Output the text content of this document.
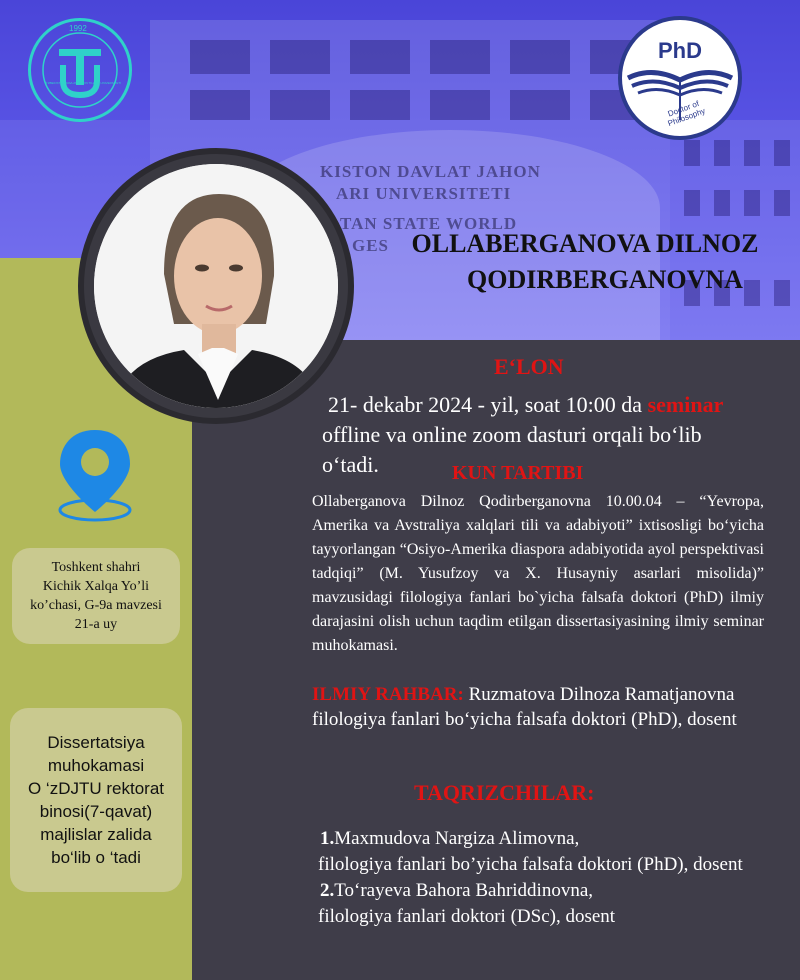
KISTON DAVLAT JAHON
ARI UNIVERSITETI
TAN STATE WORLD
GES
1992
O'ZBEKISTON DAVLAT JAHON TILLARI UNIVERSITETI
PhD
Doctor of Philosophy
OLLABERGANOVA DILNOZ
QODIRBERGANOVNA
Toshkent shahri
Kichik Xalqa Yo’li
ko’chasi, G-9a mavzesi
21-a uy
Dissertatsiya
muhokamasi
O ‘zDJTU rektorat
binosi(7-qavat)
majlislar zalida
bo‘lib o ‘tadi
E‘LON
21- dekabr 2024 - yil, soat 10:00 da seminar
offline va online zoom dasturi orqali bo‘lib o‘tadi.	KUN TARTIBI
Ollaberganova Dilnoz Qodirberganovna 10.00.04 – “Yevropa, Amerika va Avstraliya xalqlari tili va adabiyoti” ixtisosligi bo‘yicha tayyorlangan “Osiyo-Amerika diaspora adabiyotida ayol perspektivasi tadqiqi” (M. Yusufzoy va X. Husayniy asarlari misolida)” mavzusidagi filologiya fanlari bo`yicha falsafa doktori (PhD) ilmiy darajasini olish uchun taqdim etilgan dissertasiyasining ilmiy seminar muhokamasi.
ILMIY RAHBAR: Ruzmatova Dilnoza Ramatjanovna
filologiya fanlari bo‘yicha falsafa doktori (PhD), dosent
TAQRIZCHILAR:
1.Maxmudova Nargiza Alimovna,
filologiya fanlari bo’yicha falsafa doktori (PhD), dosent
2.To‘rayeva Bahora Bahriddinovna,
filologiya fanlari doktori (DSc), dosent
